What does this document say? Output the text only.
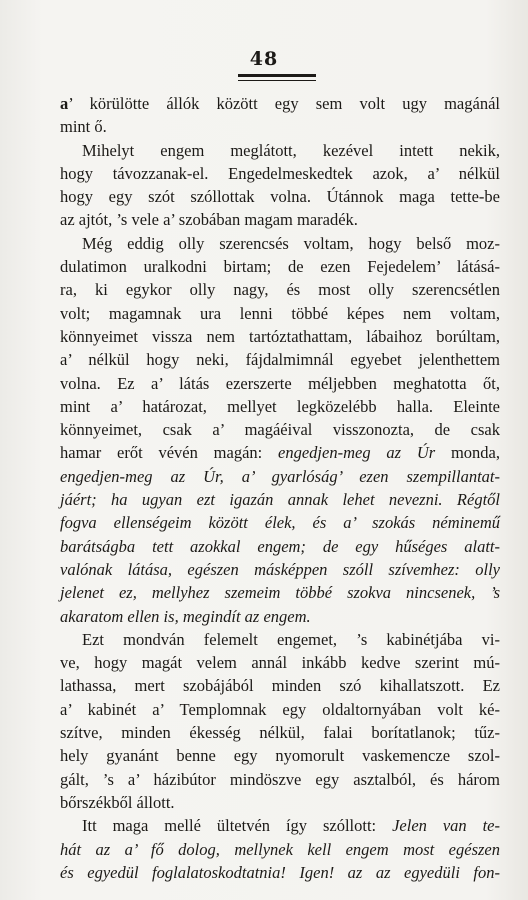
48
a’ körülötte állók között egy sem volt ugy magánál
mint ő.
Mihelyt engem meglátott, kezével intett nekik,
hogy távozzanak-el. Engedelmeskedtek azok, a’ nélkül
hogy egy szót szóllottak volna. Útánnok maga tette-be
az ajtót, ’s vele a’ szobában magam maradék.
Még eddig olly szerencsés voltam, hogy belső moz-
dulatimon uralkodni birtam; de ezen Fejedelem’ látásá-
ra, ki egykor olly nagy, és most olly szerencsétlen
volt; magamnak ura lenni többé képes nem voltam,
könnyeimet vissza nem tartóztathattam, lábaihoz borúltam,
a’ nélkül hogy neki, fájdalmimnál egyebet jelenthettem
volna. Ez a’ látás ezerszerte méljebben meghatotta őt,
mint a’ határozat, mellyet legközelébb halla. Eleinte
könnyeimet, csak a’ magáéival visszonozta, de csak
hamar erőt vévén magán: engedjen-meg az Úr monda,
engedjen-meg az Úr, a’ gyarlóság’ ezen szempillantat-
jáért; ha ugyan ezt igazán annak lehet nevezni. Régtől
fogva ellenségeim között élek, és a’ szokás néminemű
barátságba tett azokkal engem; de egy hűséges alatt-
valónak látása, egészen másképpen szóll szívemhez: olly
jelenet ez, mellyhez szemeim többé szokva nincsenek, ’s
akaratom ellen is, megindít az engem.
Ezt mondván felemelt engemet, ’s kabinétjába vi-
ve, hogy magát velem annál inkább kedve szerint mú-
lathassa, mert szobájából minden szó kihallatszott. Ez
a’ kabinét a’ Templomnak egy oldaltornyában volt ké-
szítve, minden ékesség nélkül, falai borítatlanok; tűz-
hely gyanánt benne egy nyomorult vaskemencze szol-
gált, ’s a’ házibútor mindöszve egy asztalból, és három
bőrszékből állott.
Itt maga mellé ültetvén így szóllott: Jelen van te-
hát az a’ fő dolog, mellynek kell engem most egészen
és egyedül foglalatoskodtatnia! Igen! az az egyedüli fon-
